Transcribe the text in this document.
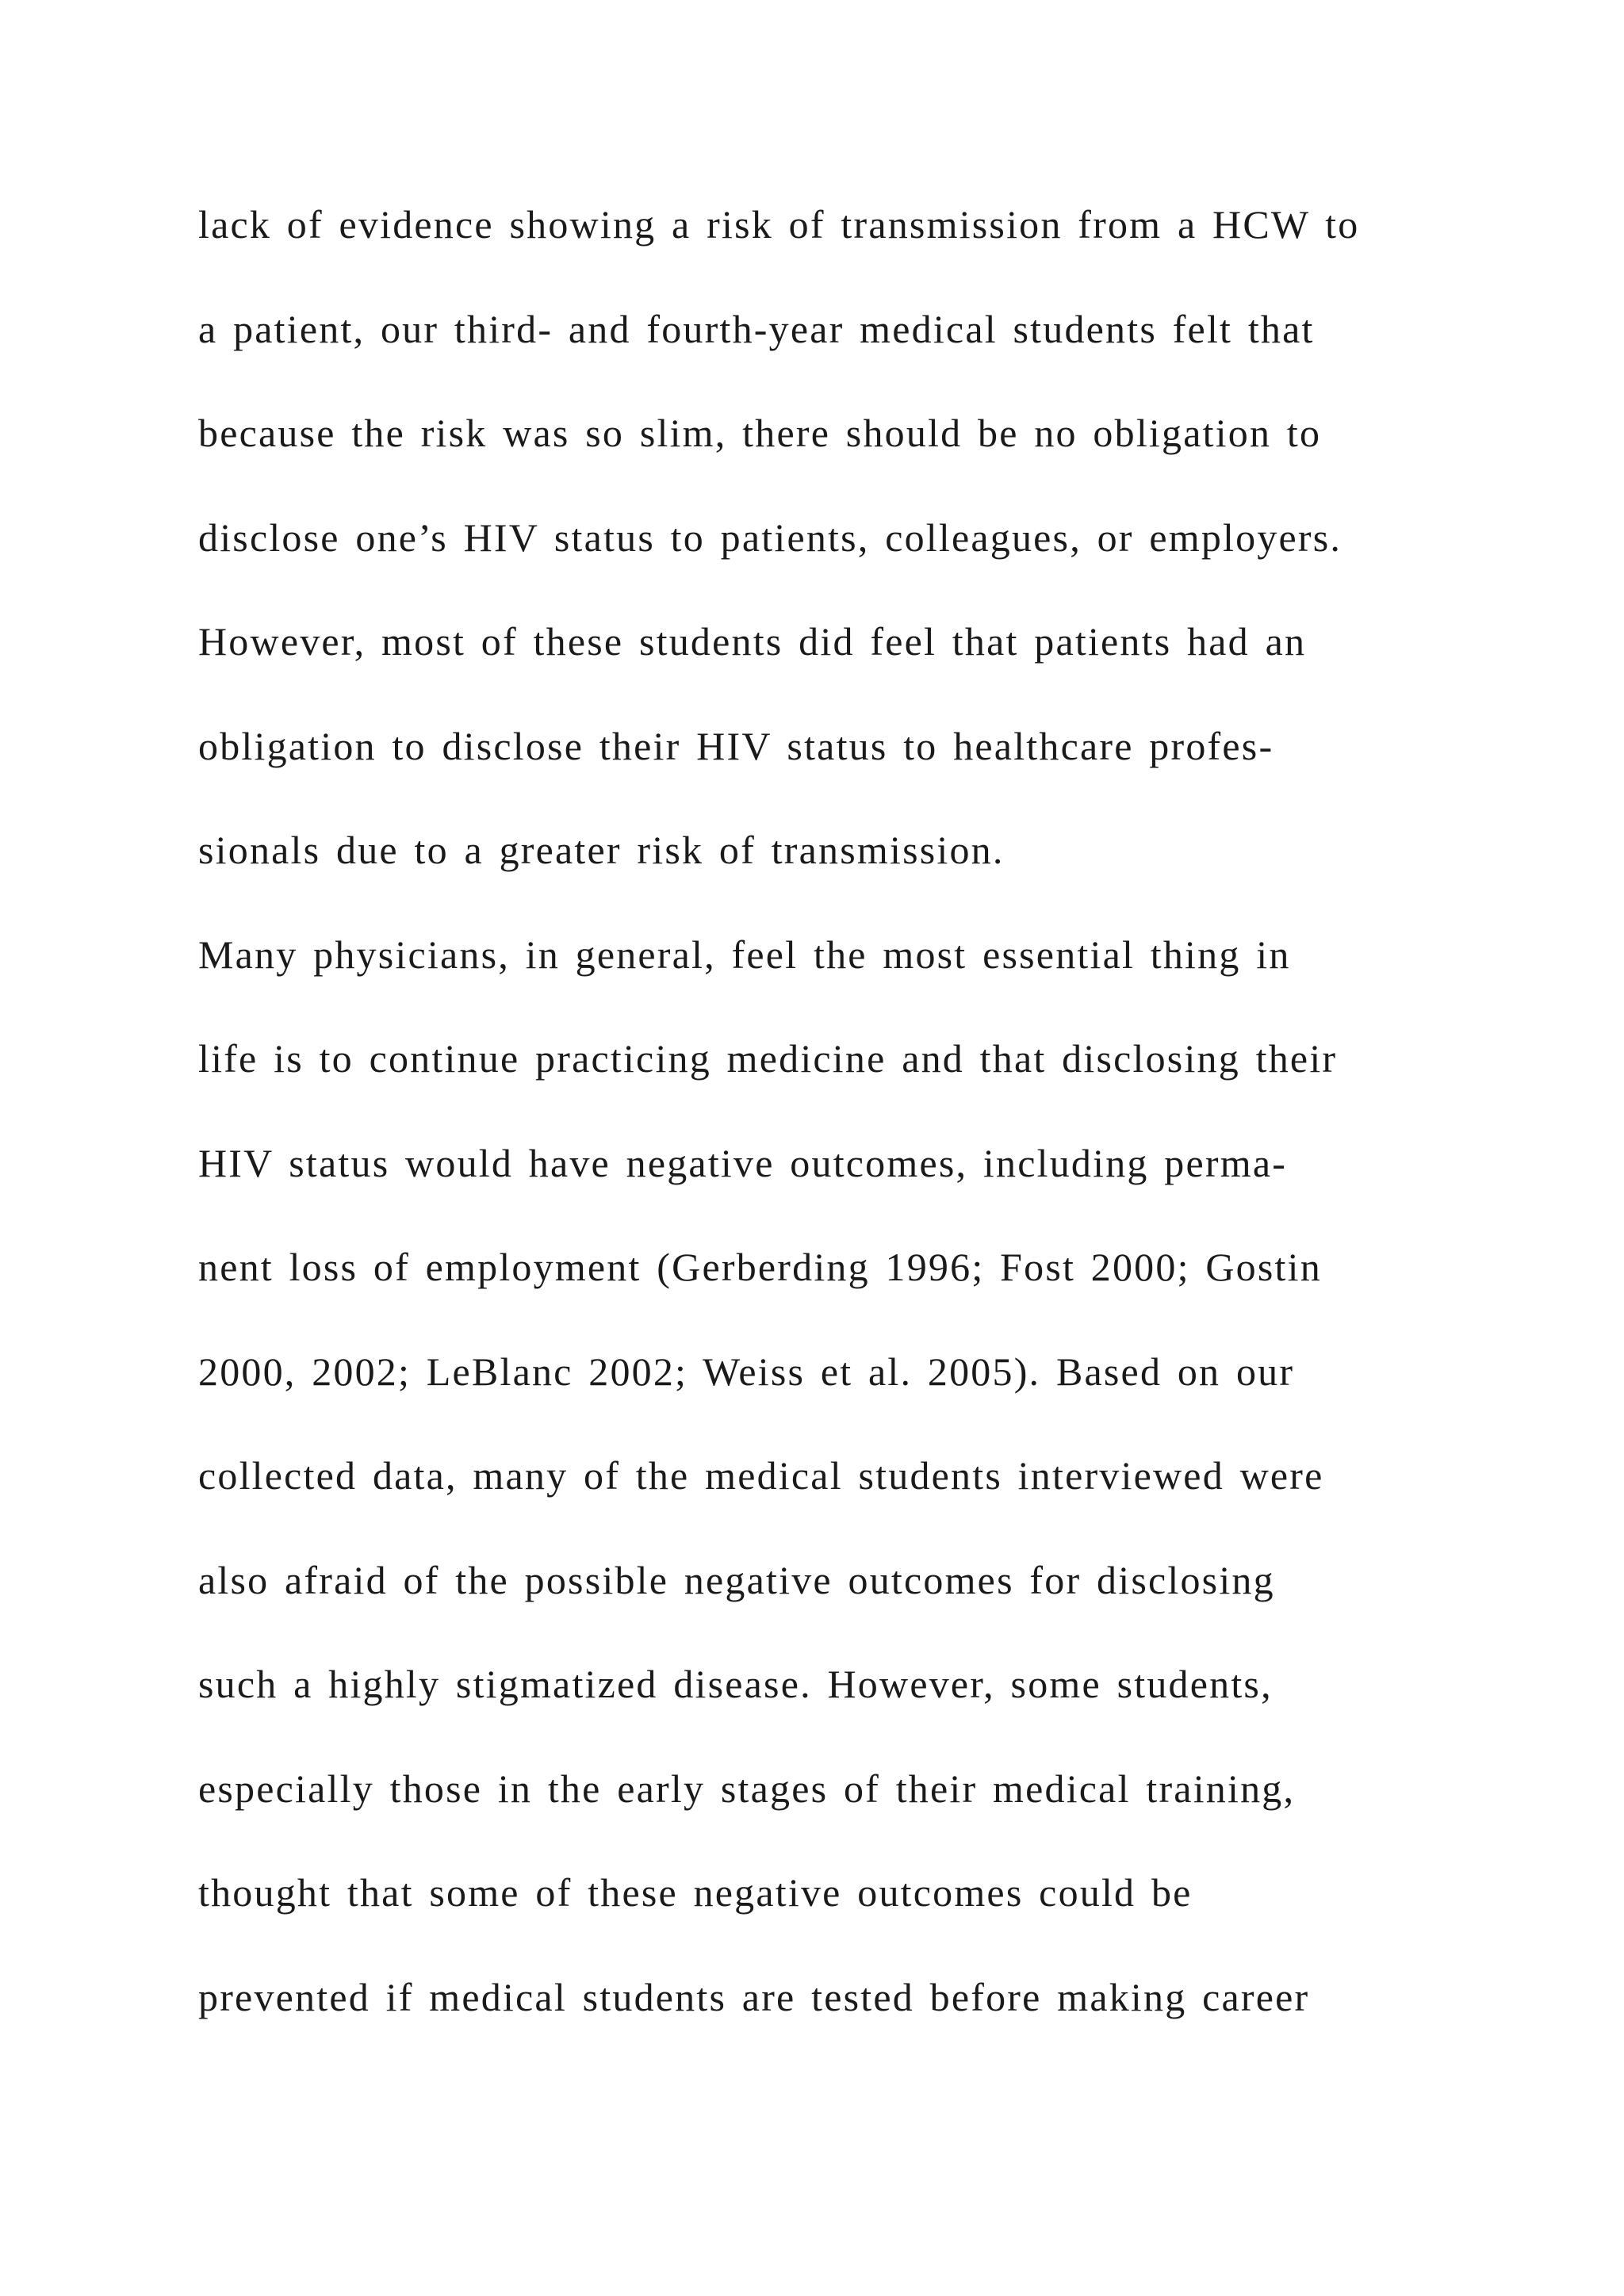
lack of evidence showing a risk of transmission from a HCW to
a patient, our third- and fourth-year medical students felt that
because the risk was so slim, there should be no obligation to
disclose one’s HIV status to patients, colleagues, or employers.
However, most of these students did feel that patients had an
obligation to disclose their HIV status to healthcare profes-
sionals due to a greater risk of transmission.
Many physicians, in general, feel the most essential thing in
life is to continue practicing medicine and that disclosing their
HIV status would have negative outcomes, including perma-
nent loss of employment (Gerberding 1996; Fost 2000; Gostin
2000, 2002; LeBlanc 2002; Weiss et al. 2005). Based on our
collected data, many of the medical students interviewed were
also afraid of the possible negative outcomes for disclosing
such a highly stigmatized disease. However, some students,
especially those in the early stages of their medical training,
thought that some of these negative outcomes could be
prevented if medical students are tested before making career
